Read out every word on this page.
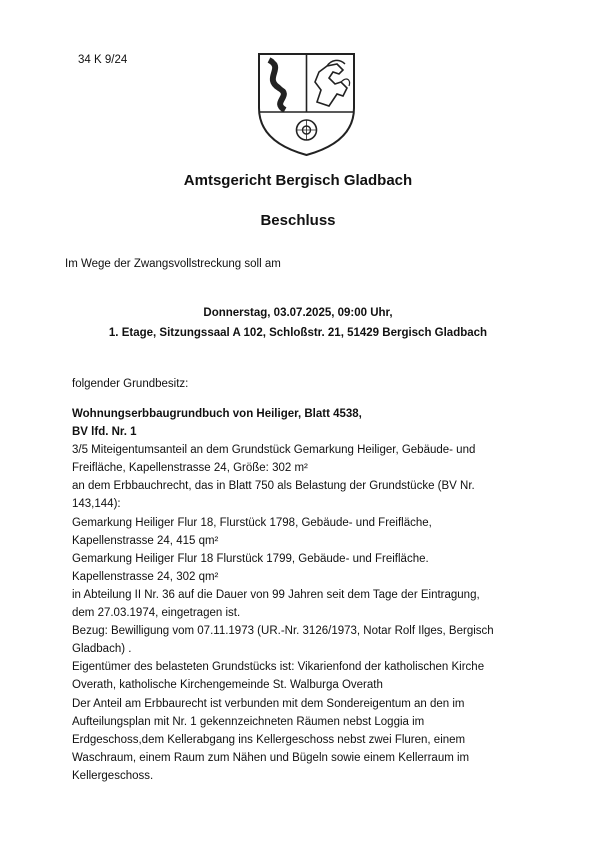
34 K 9/24
Amtsgericht Bergisch Gladbach
Beschluss
Im Wege der Zwangsvollstreckung soll am
Donnerstag, 03.07.2025, 09:00 Uhr,
1. Etage, Sitzungssaal A 102, Schloßstr. 21, 51429 Bergisch Gladbach
folgender Grundbesitz:
Wohnungserbbaugrundbuch von Heiliger, Blatt 4538,
BV lfd. Nr. 1
3/5 Miteigentumsanteil an dem Grundstück Gemarkung Heiliger, Gebäude- und
Freifläche, Kapellenstrasse 24, Größe: 302 m²
an dem Erbbauchrecht, das in Blatt 750 als Belastung der Grundstücke (BV Nr.
143,144):
Gemarkung Heiliger Flur 18, Flurstück 1798, Gebäude- und Freifläche,
Kapellenstrasse 24, 415 qm²
Gemarkung Heiliger Flur 18 Flurstück 1799, Gebäude- und Freifläche.
Kapellenstrasse 24, 302 qm²
in Abteilung II Nr. 36 auf die Dauer von 99 Jahren seit dem Tage der Eintragung,
dem 27.03.1974, eingetragen ist.
Bezug: Bewilligung vom 07.11.1973 (UR.-Nr. 3126/1973, Notar Rolf Ilges, Bergisch
Gladbach) .
Eigentümer des belasteten Grundstücks ist: Vikarienfond der katholischen Kirche
Overath, katholische Kirchengemeinde St. Walburga Overath
Der Anteil am Erbbaurecht ist verbunden mit dem Sondereigentum an den im
Aufteilungsplan mit Nr. 1 gekennzeichneten Räumen nebst Loggia im
Erdgeschoss,dem Kellerabgang ins Kellergeschoss nebst zwei Fluren, einem
Waschraum, einem Raum zum Nähen und Bügeln sowie einem Kellerraum im
Kellergeschoss.
